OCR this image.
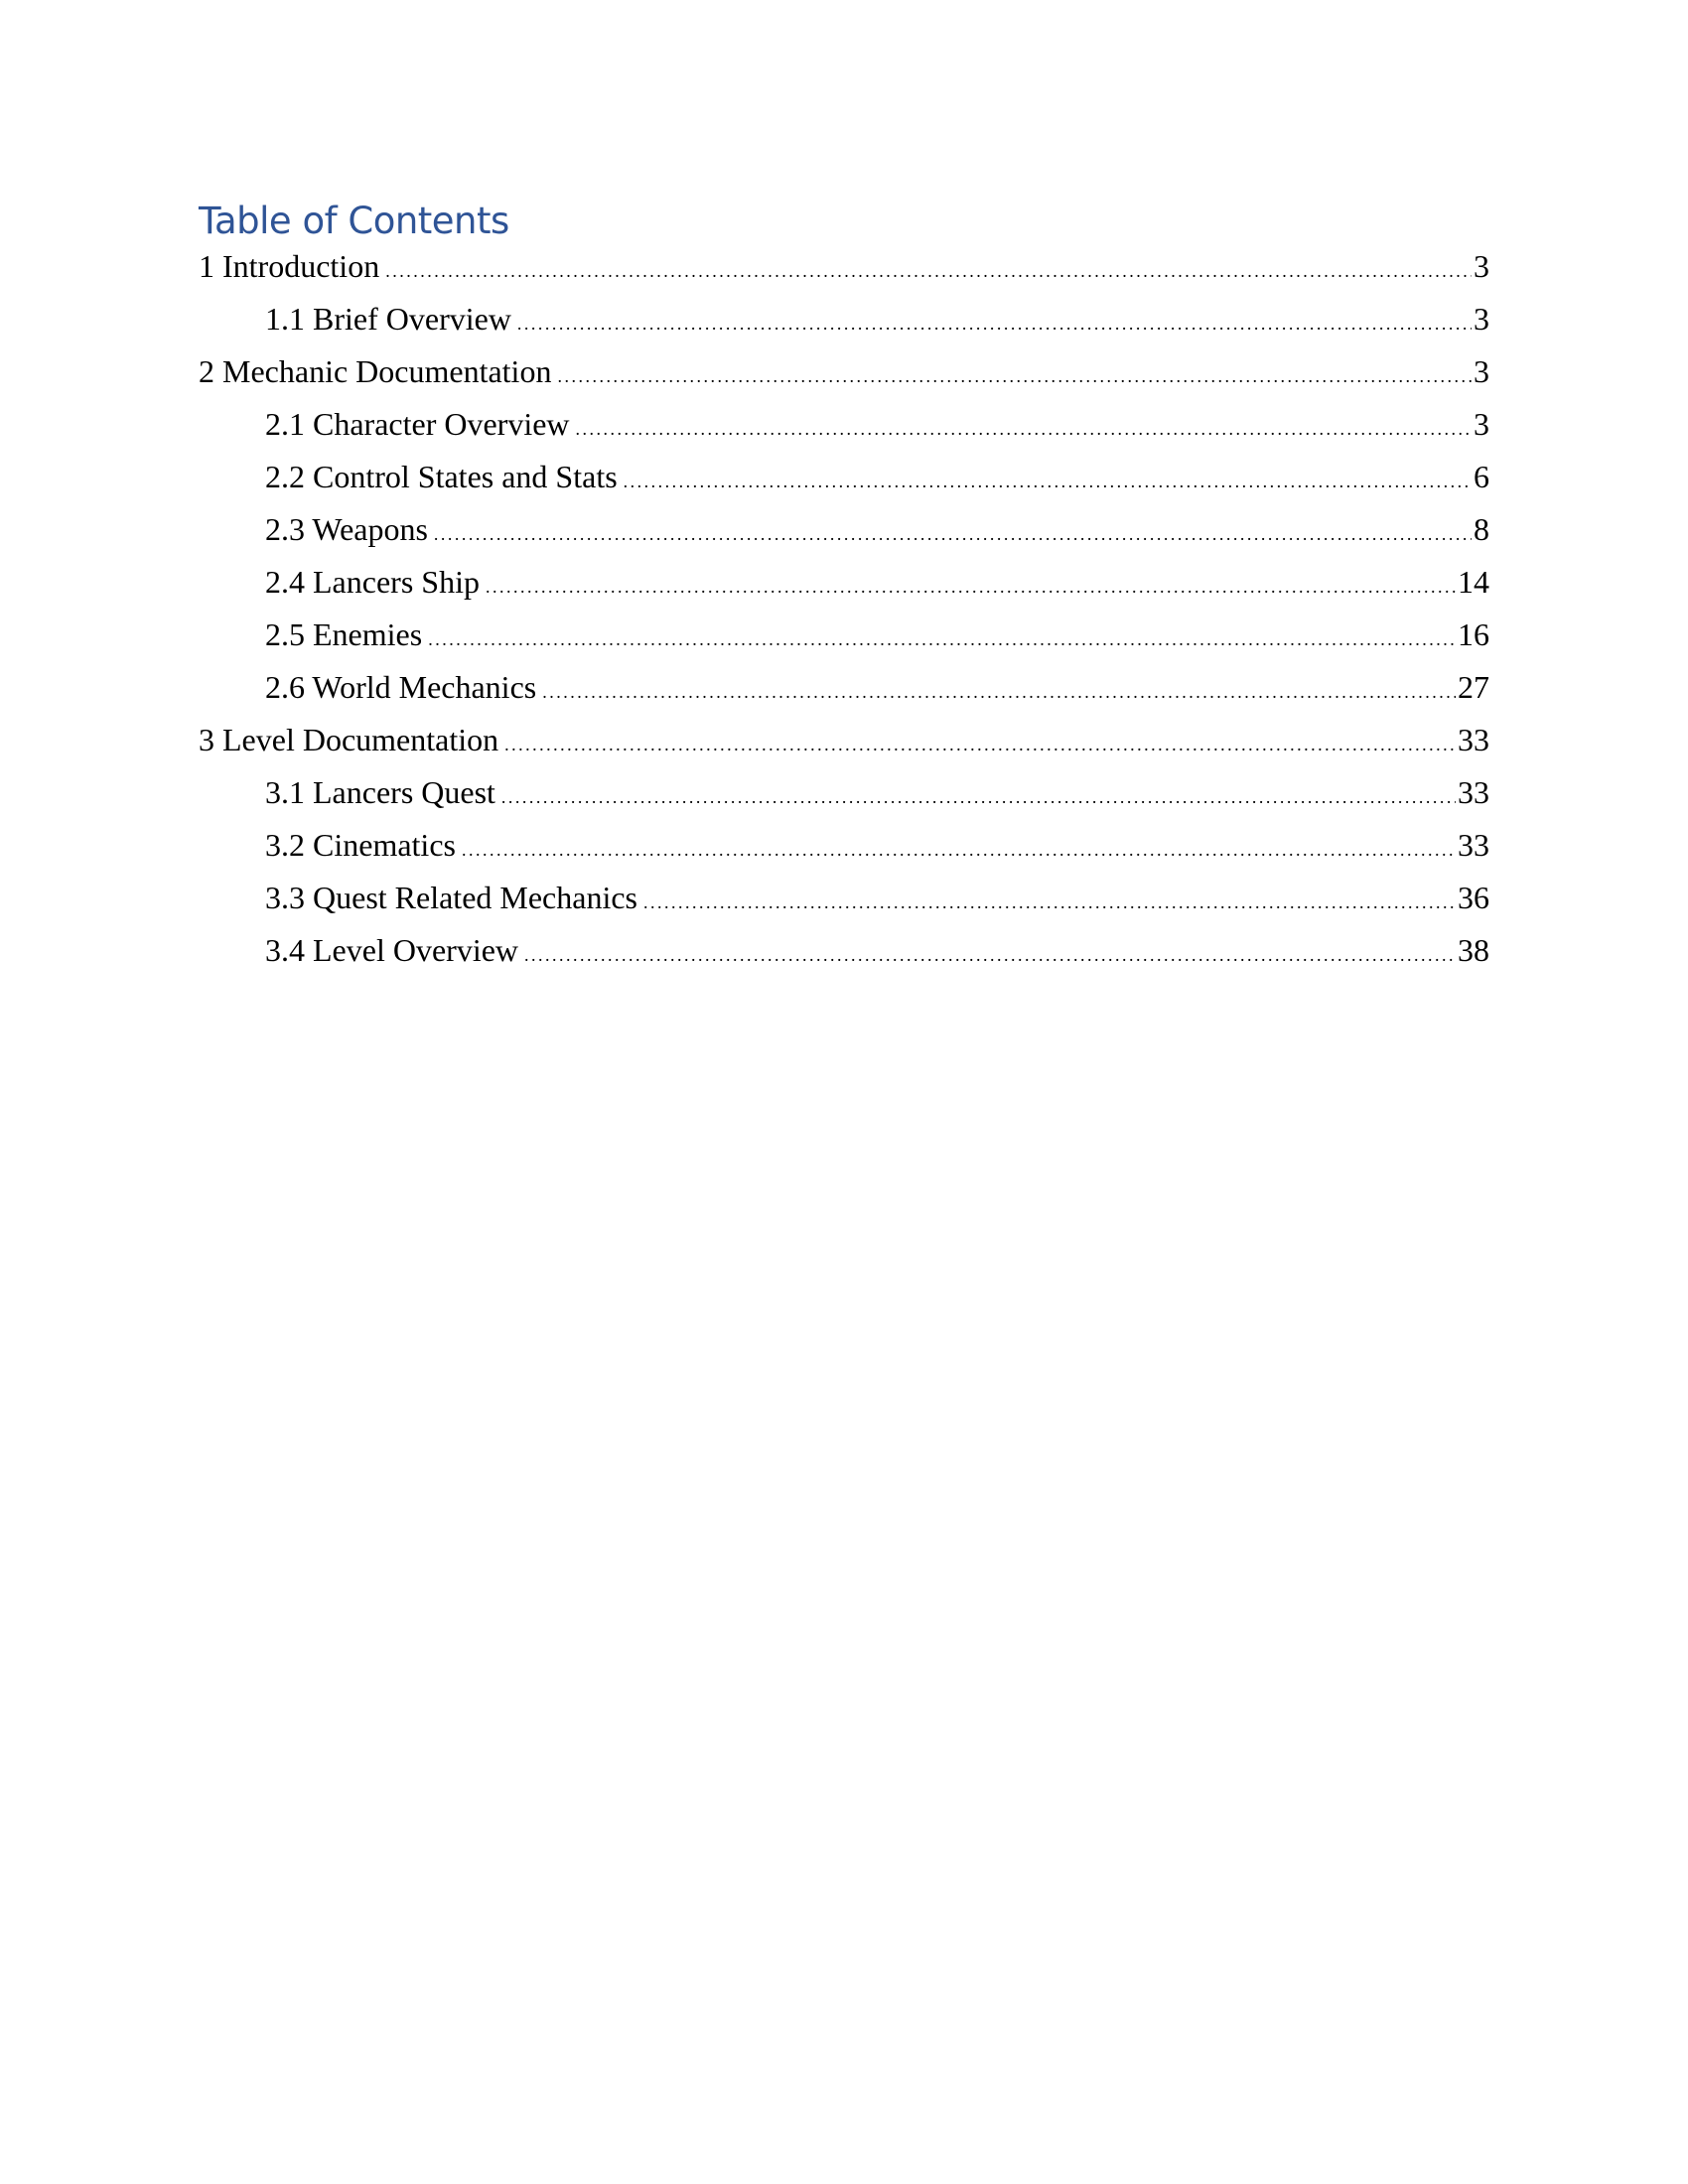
Table of Contents
1 Introduction . . .	3
1.1 Brief Overview . . .	3
2 Mechanic Documentation . . .	3
2.1 Character Overview . . .	3
2.2 Control States and Stats . . .	6
2.3 Weapons . . .	8
2.4 Lancers Ship . . .	14
2.5 Enemies . . .	16
2.6 World Mechanics . . .	27
3 Level Documentation . . .	33
3.1 Lancers Quest . . .	33
3.2 Cinematics . . .	33
3.3 Quest Related Mechanics . . .	36
3.4 Level Overview . . .	38
